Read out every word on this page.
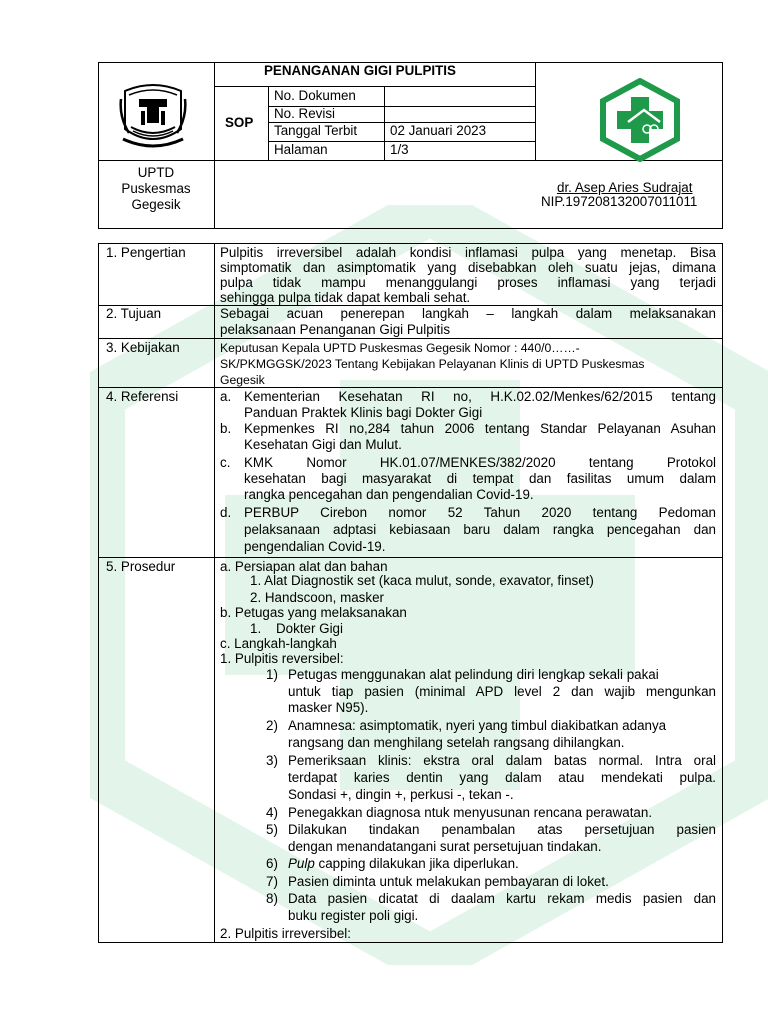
PENANGANAN GIGI PULPITIS
SOP
No. Dokumen
No. Revisi
Tanggal Terbit 02 Januari 2023
Halaman	1/3
UPTD
Puskesmas
Gegesik
dr. Asep Aries Sudrajat
NIP.197208132007011011
1. Pengertian
2. Tujuan
3. Kebijakan
4. Referensi
5. Prosedur
Pulpitis irreversibel adalah kondisi inflamasi pulpa yang menetap. Bisa
simptomatik dan asimptomatik yang disebabkan oleh suatu jejas, dimana
pulpa tidak mampu menanggulangi proses inflamasi yang terjadi
sehingga pulpa tidak dapat kembali sehat.
Sebagai acuan penerepan langkah – langkah dalam melaksanakan
pelaksanaan Penanganan Gigi Pulpitis
Keputusan Kepala UPTD Puskesmas Gegesik Nomor : 440/0……-
SK/PKMGGSK/2023 Tentang Kebijakan Pelayanan Klinis di UPTD Puskesmas
Gegesik
a. Kementerian Kesehatan RI no, H.K.02.02/Menkes/62/2015 tentang
Panduan Praktek Klinis bagi Dokter Gigi
b. Kepmenkes RI no,284 tahun 2006 tentang Standar Pelayanan Asuhan
Kesehatan Gigi dan Mulut.
c. KMK Nomor HK.01.07/MENKES/382/2020 tentang Protokol
kesehatan bagi masyarakat di tempat dan fasilitas umum dalam
rangka pencegahan dan pengendalian Covid-19.
d. PERBUP Cirebon nomor 52 Tahun 2020 tentang Pedoman
pelaksanaan adptasi kebiasaan baru dalam rangka pencegahan dan
pengendalian Covid-19.
a. Persiapan alat dan bahan
1. Alat Diagnostik set (kaca mulut, sonde, exavator, finset)
2. Handscoon, masker
b. Petugas yang melaksanakan
1. Dokter Gigi
c. Langkah-langkah
1. Pulpitis reversibel:
1) Petugas menggunakan alat pelindung diri lengkap sekali pakai
untuk tiap pasien (minimal APD level 2 dan wajib mengunkan
masker N95).
2) Anamnesa: asimptomatik, nyeri yang timbul diakibatkan adanya
rangsang dan menghilang setelah rangsang dihilangkan.
3) Pemeriksaan klinis: ekstra oral dalam batas normal. Intra oral
terdapat karies dentin yang dalam atau mendekati pulpa.
Sondasi +, dingin +, perkusi -, tekan -.
4) Penegakkan diagnosa ntuk menyusunan rencana perawatan.
5) Dilakukan tindakan penambalan atas persetujuan pasien
dengan menandatangani surat persetujuan tindakan.
6) Pulp capping dilakukan jika diperlukan.
7) Pasien diminta untuk melakukan pembayaran di loket.
8) Data pasien dicatat di daalam kartu rekam medis pasien dan
buku register poli gigi.
2. Pulpitis irreversibel:
